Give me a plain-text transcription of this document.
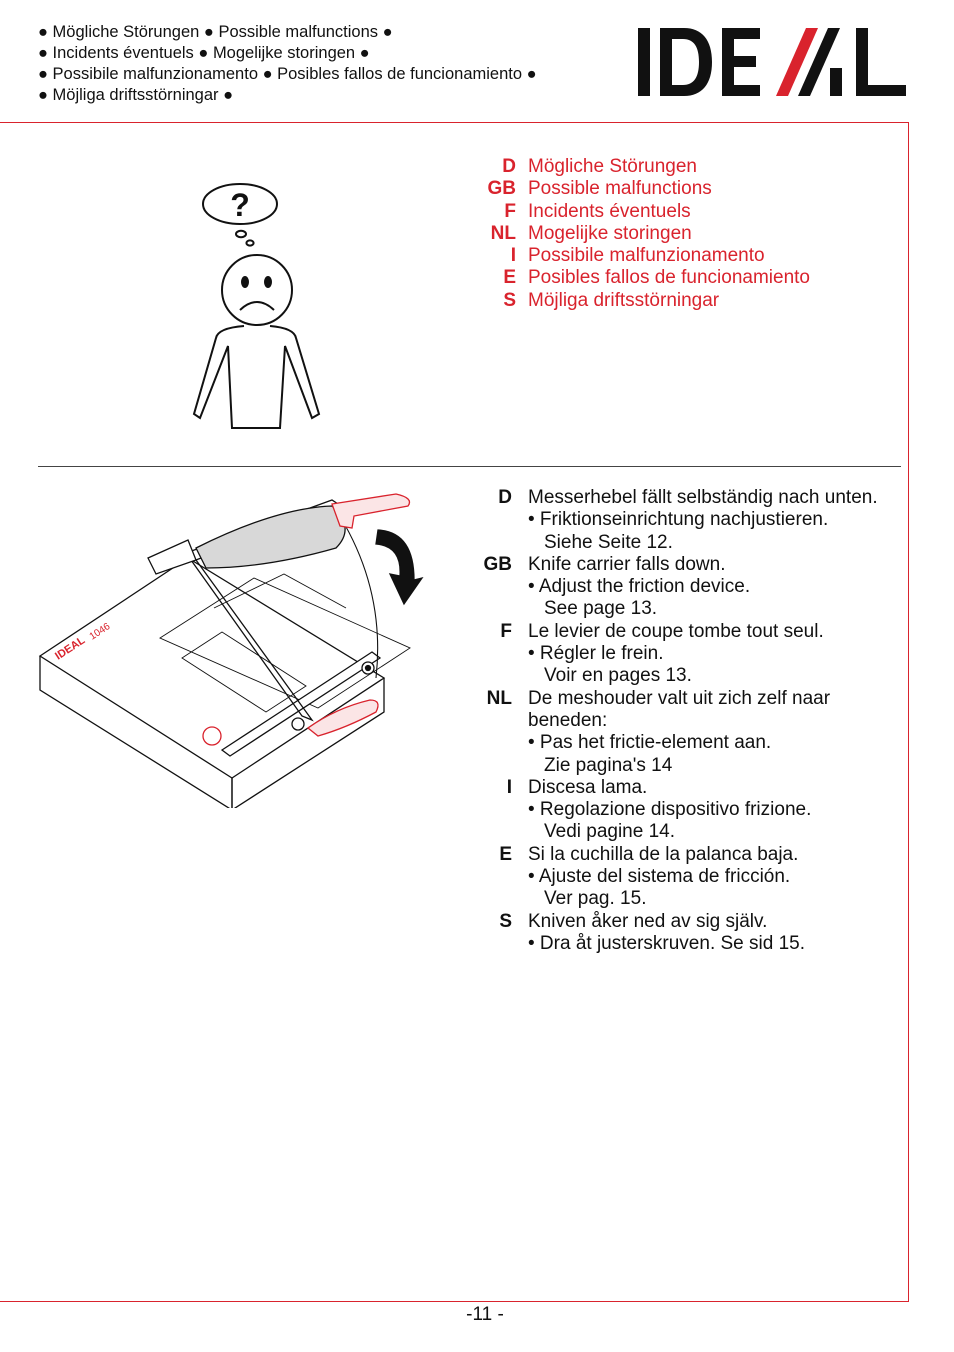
● Mögliche Störungen ● Possible malfunctions ●
● Incidents éventuels ● Mogelijke storingen ●
● Possibile malfunzionamento ● Posibles fallos de funcionamiento ●
● Möjliga driftsstörningar ●
?
D Mögliche Störungen
GB Possible malfunctions
F Incidents éventuels
NL Mogelijke storingen
I Possibile malfunzionamento
E Posibles fallos de funcionamiento
S Möjliga driftsstörningar
IDEAL
1046
D Messerhebel fällt selbständig nach unten.
• Friktionseinrichtung nachjustieren.
Siehe Seite 12.
GB Knife carrier falls down.
• Adjust the friction device.
See page 13.
F Le levier de coupe tombe tout seul.
• Régler le frein.
Voir en pages 13.
NL De meshouder valt uit zich zelf naar
beneden:
• Pas het frictie-element aan.
Zie pagina's 14
I Discesa lama.
• Regolazione dispositivo frizione.
Vedi pagine 14.
E Si la cuchilla de la palanca baja.
• Ajuste del sistema de fricción.
Ver pag. 15.
S Kniven åker ned av sig själv.
• Dra åt justerskruven. Se sid 15.
-11 -
